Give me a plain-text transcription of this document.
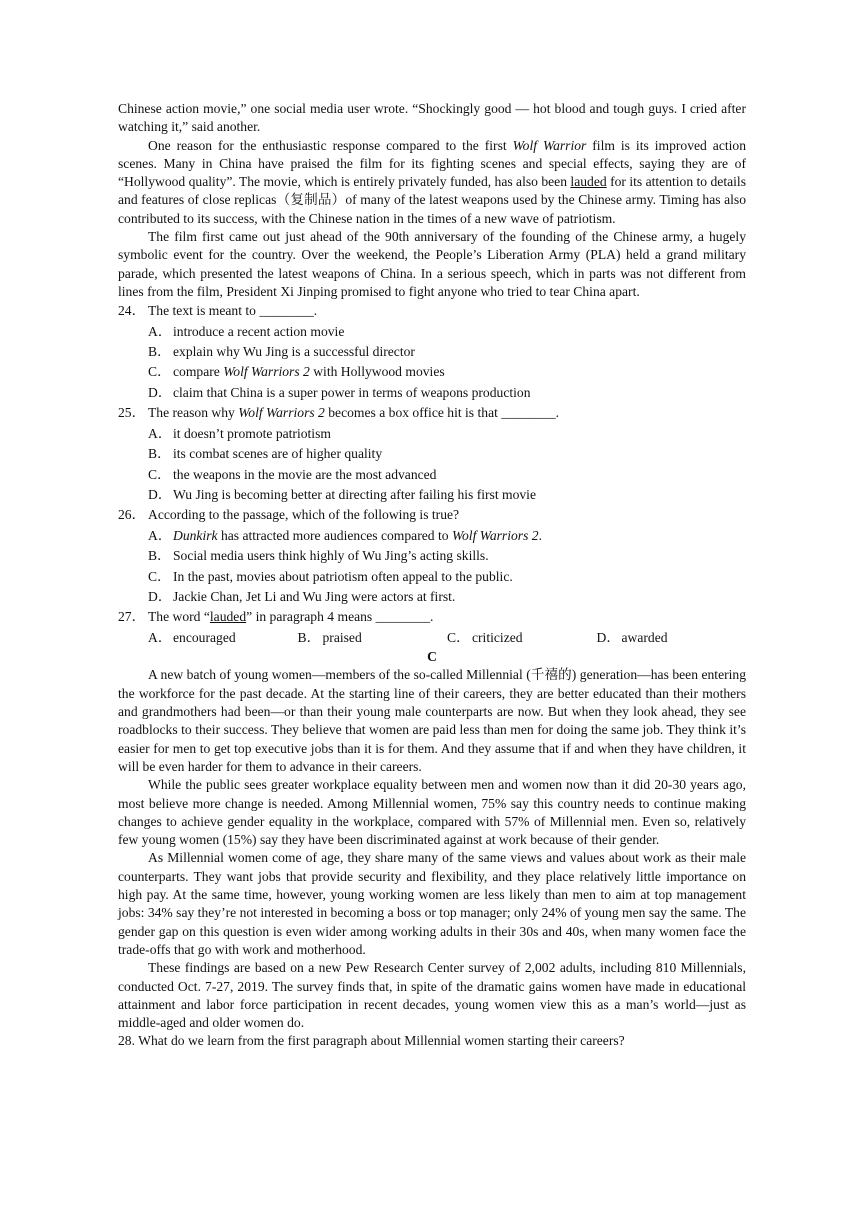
Chinese action movie,” one social media user wrote. “Shockingly good — hot blood and tough guys. I cried after watching it,” said another.

One reason for the enthusiastic response compared to the first Wolf Warrior film is its improved action scenes. Many in China have praised the film for its fighting scenes and special effects, saying they are of “Hollywood quality”. The movie, which is entirely privately funded, has also been lauded for its attention to details and features of close replicas（复制品）of many of the latest weapons used by the Chinese army. Timing has also contributed to its success, with the Chinese nation in the times of a new wave of patriotism.

The film first came out just ahead of the 90th anniversary of the founding of the Chinese army, a hugely symbolic event for the country. Over the weekend, the People’s Liberation Army (PLA) held a grand military parade, which presented the latest weapons of China. In a serious speech, which in parts was not different from lines from the film, President Xi Jinping promised to fight anyone who tried to tear China apart.

24． The text is meant to ________.

A． introduce a recent action movie

B． explain why Wu Jing is a successful director

C． compare Wolf Warriors 2 with Hollywood movies

D． claim that China is a super power in terms of weapons production

25． The reason why Wolf Warriors 2 becomes a box office hit is that ________.

A． it doesn’t promote patriotism

B． its combat scenes are of higher quality

C． the weapons in the movie are the most advanced

D． Wu Jing is becoming better at directing after failing his first movie

26． According to the passage, which of the following is true?

A． Dunkirk has attracted more audiences compared to Wolf Warriors 2.

B． Social media users think highly of Wu Jing’s acting skills.

C． In the past, movies about patriotism often appeal to the public.

D． Jackie Chan, Jet Li and Wu Jing were actors at first.

27． The word “lauded” in paragraph 4 means ________.

A． encouraged	B． praised	C． criticized	D． awarded

C

A new batch of young women—members of the so-called Millennial (千禧的) generation—has been entering the workforce for the past decade. At the starting line of their careers, they are better educated than their mothers and grandmothers had been—or than their young male counterparts are now. But when they look ahead, they see roadblocks to their success. They believe that women are paid less than men for doing the same job. They think it’s easier for men to get top executive jobs than it is for them. And they assume that if and when they have children, it will be even harder for them to advance in their careers.

While the public sees greater workplace equality between men and women now than it did 20-30 years ago, most believe more change is needed. Among Millennial women, 75% say this country needs to continue making changes to achieve gender equality in the workplace, compared with 57% of Millennial men. Even so, relatively few young women (15%) say they have been discriminated against at work because of their gender.

As Millennial women come of age, they share many of the same views and values about work as their male counterparts. They want jobs that provide security and flexibility, and they place relatively little importance on high pay. At the same time, however, young working women are less likely than men to aim at top management jobs: 34% say they’re not interested in becoming a boss or top manager; only 24% of young men say the same. The gender gap on this question is even wider among working adults in their 30s and 40s, when many women face the trade-offs that go with work and motherhood.

These findings are based on a new Pew Research Center survey of 2,002 adults, including 810 Millennials, conducted Oct. 7-27, 2019. The survey finds that, in spite of the dramatic gains women have made in educational attainment and labor force participation in recent decades, young women view this as a man’s world—just as middle-aged and older women do.

28. What do we learn from the first paragraph about Millennial women starting their careers?
